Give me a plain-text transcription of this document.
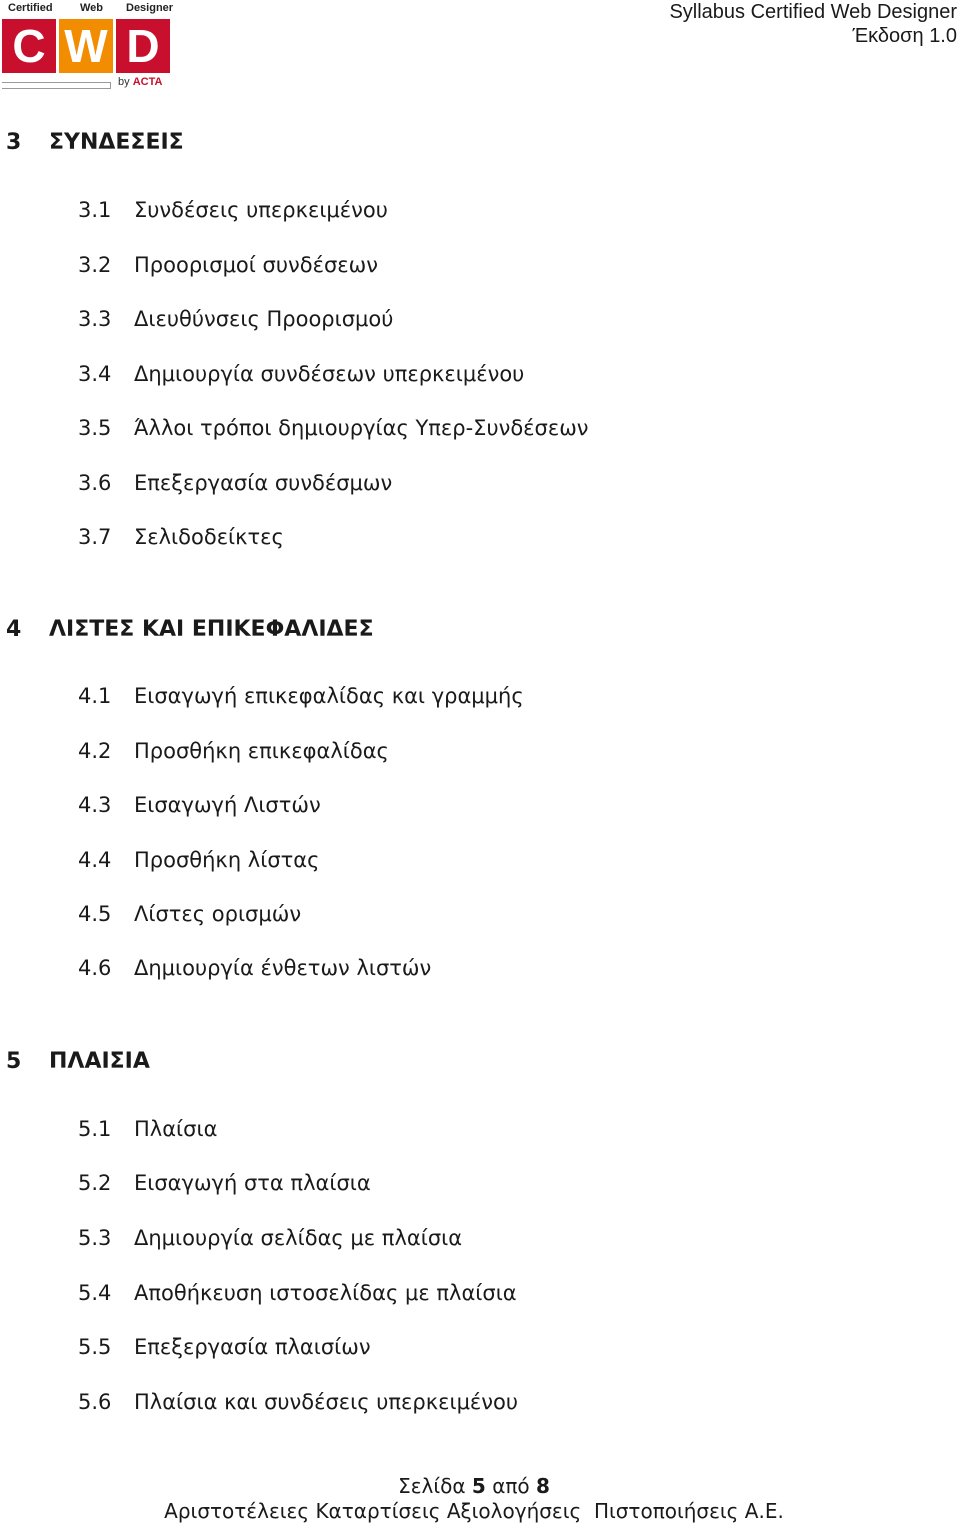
Certified Web Designer
C W D
by ACTA
Syllabus Certified Web Designer
Έκδοση 1.0
3 ΣΥΝΔΕΣΕΙΣ
3.1 Συνδέσεις υπερκειμένου
3.2 Προορισμοί συνδέσεων
3.3 Διευθύνσεις Προορισμού
3.4 Δημιουργία συνδέσεων υπερκειμένου
3.5 Άλλοι τρόποι δημιουργίας Υπερ-Συνδέσεων
3.6 Επεξεργασία συνδέσμων
3.7 Σελιδοδείκτες
4 ΛΙΣΤΕΣ ΚΑΙ ΕΠΙΚΕΦΑΛΙΔΕΣ
4.1 Εισαγωγή επικεφαλίδας και γραμμής
4.2 Προσθήκη επικεφαλίδας
4.3 Εισαγωγή Λιστών
4.4 Προσθήκη λίστας
4.5 Λίστες ορισμών
4.6 Δημιουργία ένθετων λιστών
5 ΠΛΑΙΣΙΑ
5.1 Πλαίσια
5.2 Εισαγωγή στα πλαίσια
5.3 Δημιουργία σελίδας με πλαίσια
5.4 Αποθήκευση ιστοσελίδας με πλαίσια
5.5 Επεξεργασία πλαισίων
5.6 Πλαίσια και συνδέσεις υπερκειμένου
Σελίδα 5 από 8
Αριστοτέλειες Καταρτίσεις Αξιολογήσεις  Πιστοποιήσεις Α.Ε.
